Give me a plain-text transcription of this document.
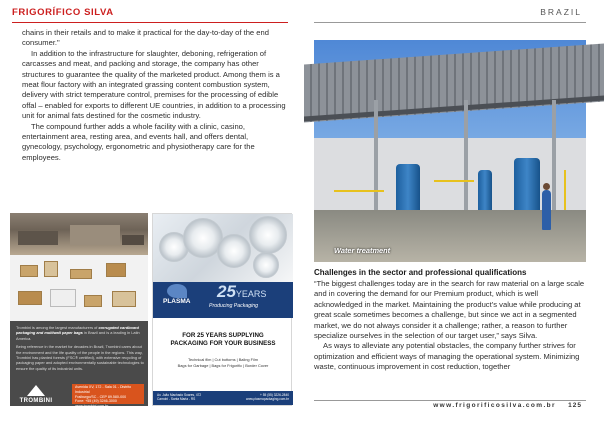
FRIGORÍFICO SILVA	BRAZIL

chains in their retails and to make it practical for the day-to-day of the end consumer."

In addition to the infrastructure for slaughter, deboning, refrigeration of carcasses and meat, and packing and storage, the company has other structures to guarantee the quality of the marketed product. Among them is a meat flour factory with an integrated grassing content combustion system, delivery with strict temperature control, premises for the processing of edible offal – enabled for exports to different UE countries, in addition to a processing unit for animal fats destined for the cosmetic industry.

The compound further adds a whole facility with a clinic, casino, entertainment area, resting area, and events hall, and offers dental, gynecology, psychology, ergonometric and physiotherapy care for the employees.

Trombini is among the largest manufacturers of corrugated cardboard packaging and multiwall paper bags in Brazil and is a leading in Latin America.

Being reference in the market for decades in Brazil, Trombini cares about the environment and the life quality of the people in the regions. This way, Trombini has planted forests (FSC® certified), with extensive recycling of packaging paper and adopted environmentally sustainable technologies to ensure the quality of its industrial units.

TROMBINI
Avenida XV, 172 - Sala 01 - Distrito Industrial
Fraiburgo/SC - CEP 89.580-000
Fone: +55 (49) 3246-3000
www.trombini.com.br
PLASMA
25YEARS
Producing Packaging
FOR 25 YEARS SUPPLYING
PACKAGING FOR YOUR BUSINESS
Technical film | Cut bottoms | Baling Film
Bags for Garbage | Bags for Frigorific | Border Cover
Av. João Machado Soares, 472
Camobi - Santa Maria - RS
+ 55 (55) 3226-2840
www.plasmapackaging.com.br
Water treatment
Challenges in the sector and professional qualifications

“The biggest challenges today are in the search for raw material on a large scale and in covering the demand for our Premium product, which is well acknowledged in the market. Maintaining the product’s value while producing at great scale sometimes becomes a challenge, but since we act in a segmented market, we do not always consider it a challenge; rather, a reason to further specialize ourselves in the selection of our target user,” says Silva.

As ways to alleviate any potential obstacles, the company further strives for optimization and efficient ways of managing the operational system. Minimizing waste, continuous improvement in cost reduction, together

www.frigorificosilva.com.br 125
